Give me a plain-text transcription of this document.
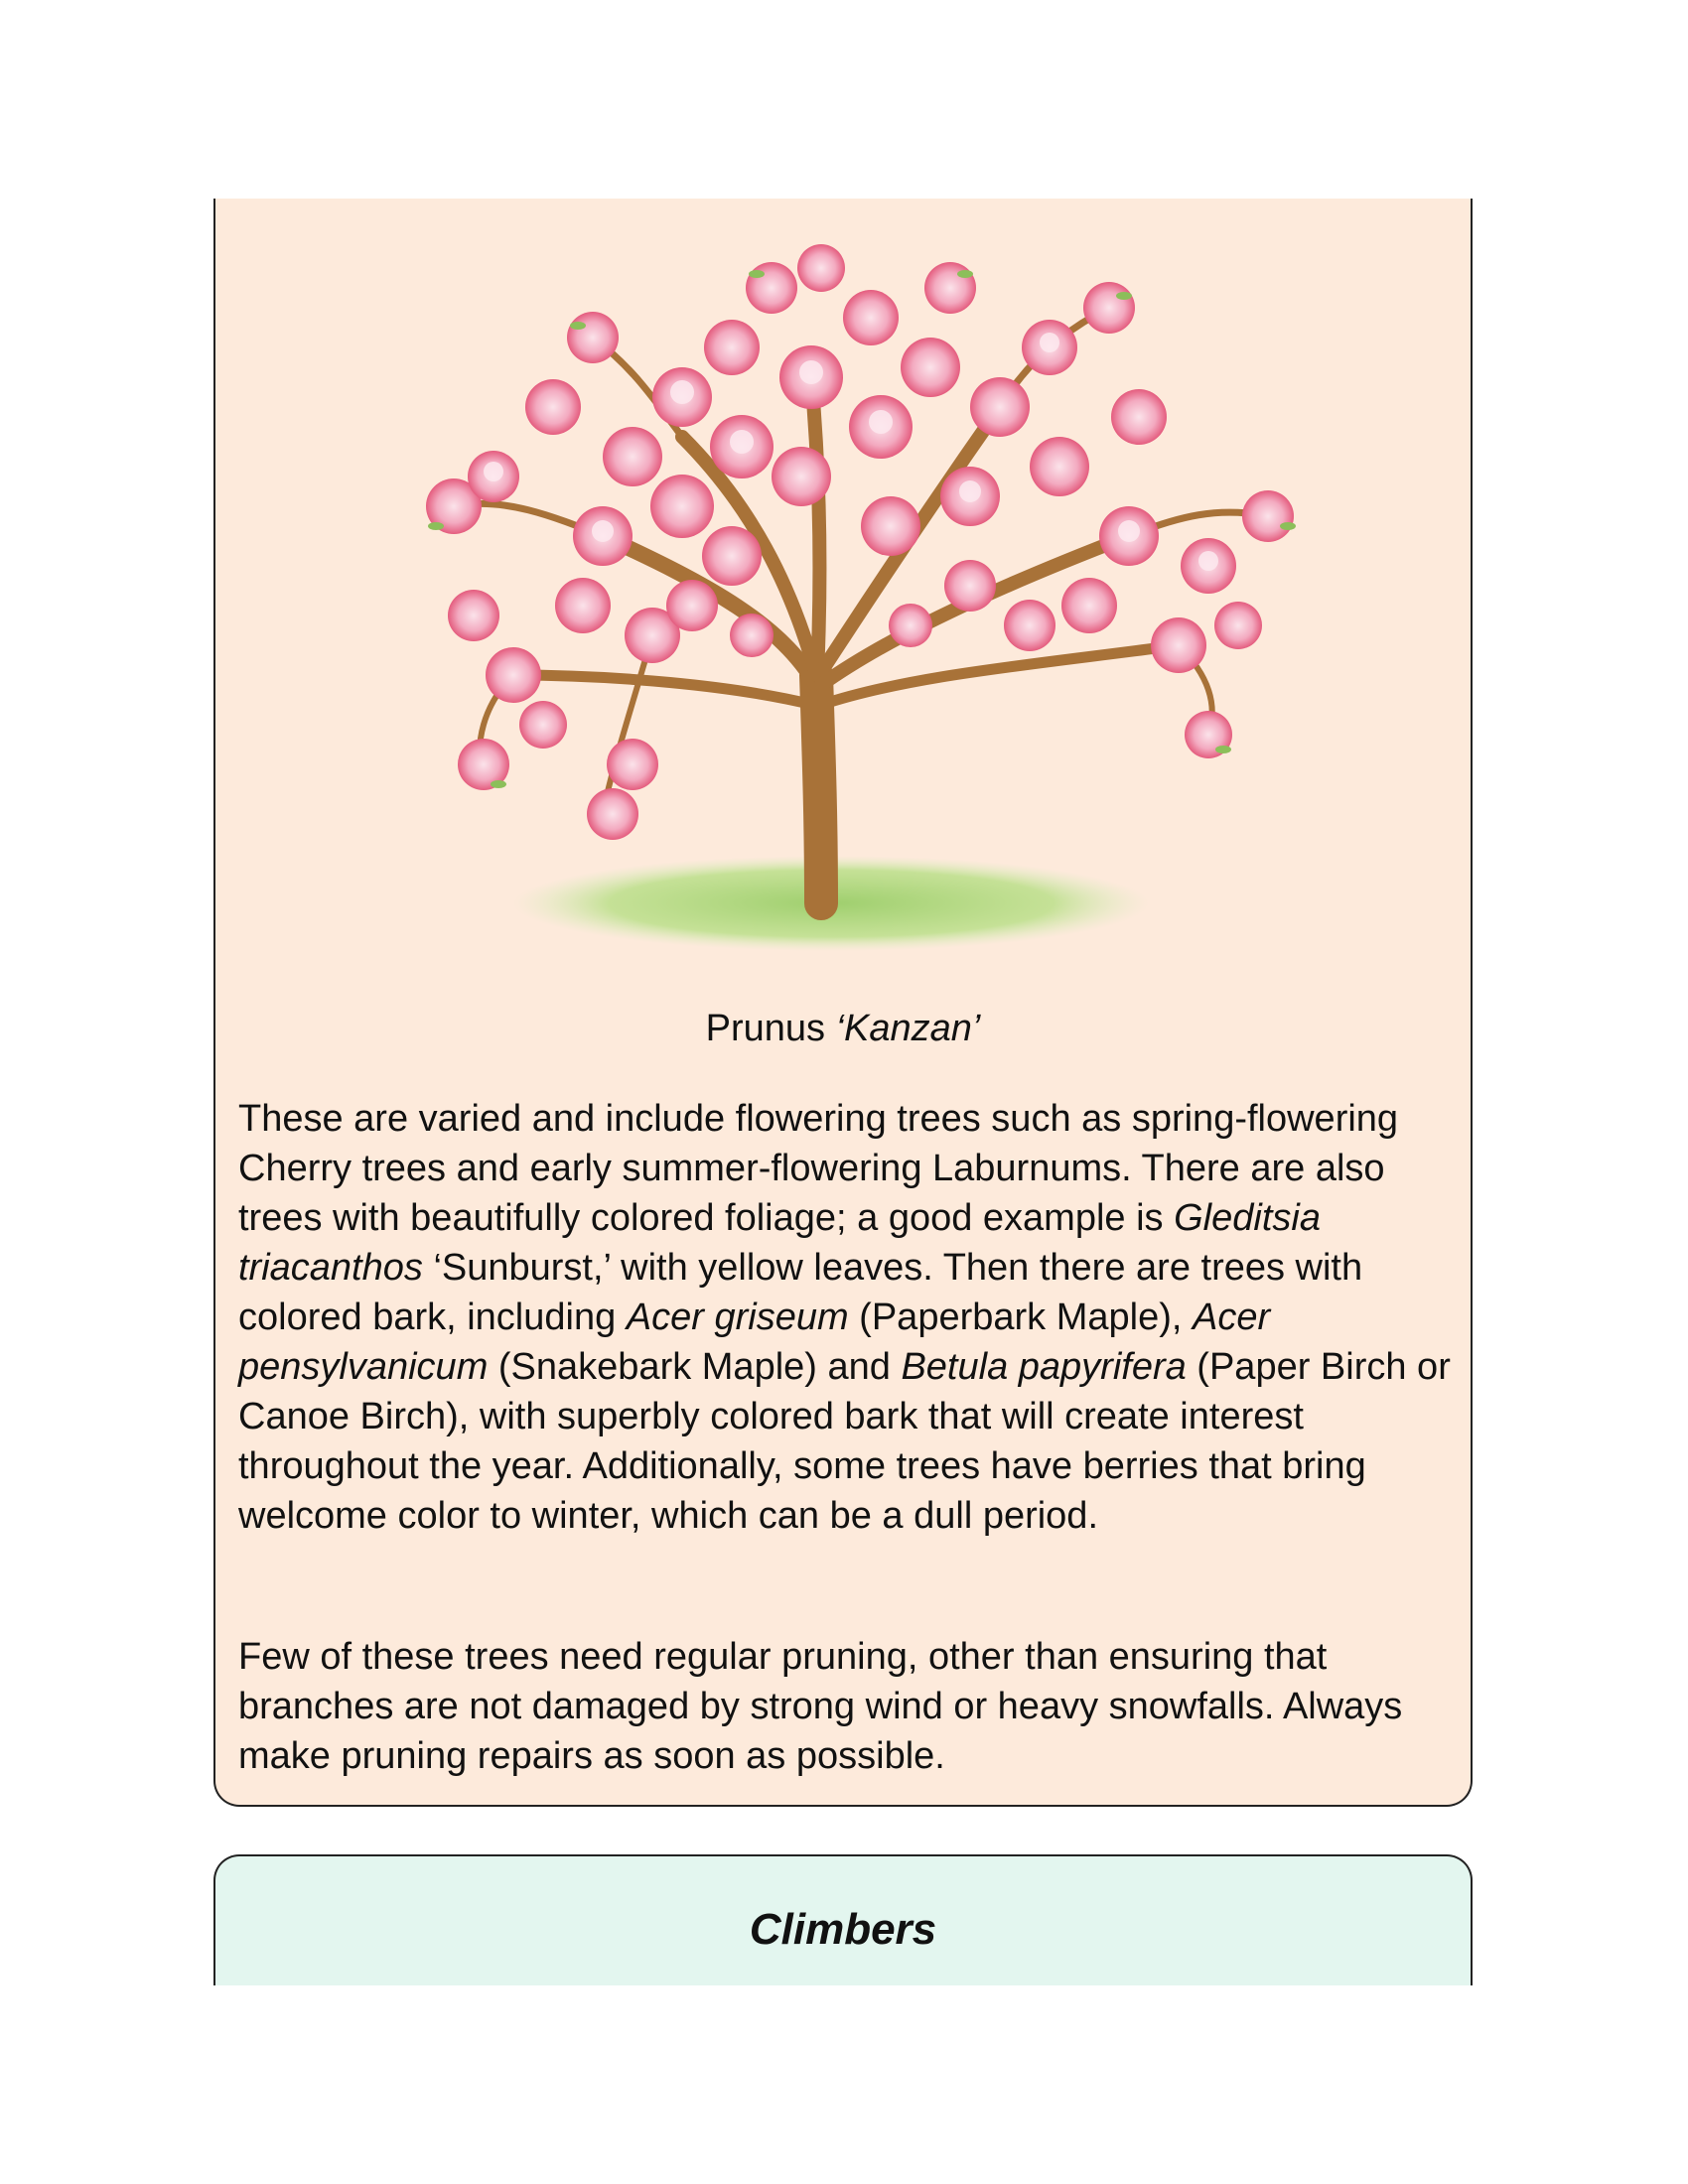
Prunus ‘Kanzan’

These are varied and include flowering trees such as spring-flowering Cherry trees and early summer-flowering Laburnums. There are also trees with beautifully colored foliage; a good example is Gleditsia triacanthos ‘Sunburst,’ with yellow leaves. Then there are trees with colored bark, including Acer griseum (Paperbark Maple), Acer pensylvanicum (Snakebark Maple) and Betula papyrifera (Paper Birch or Canoe Birch), with superbly colored bark that will create interest throughout the year. Additionally, some trees have berries that bring welcome color to winter, which can be a dull period.

Few of these trees need regular pruning, other than ensuring that branches are not damaged by strong wind or heavy snowfalls. Always make pruning repairs as soon as possible.

Climbers
